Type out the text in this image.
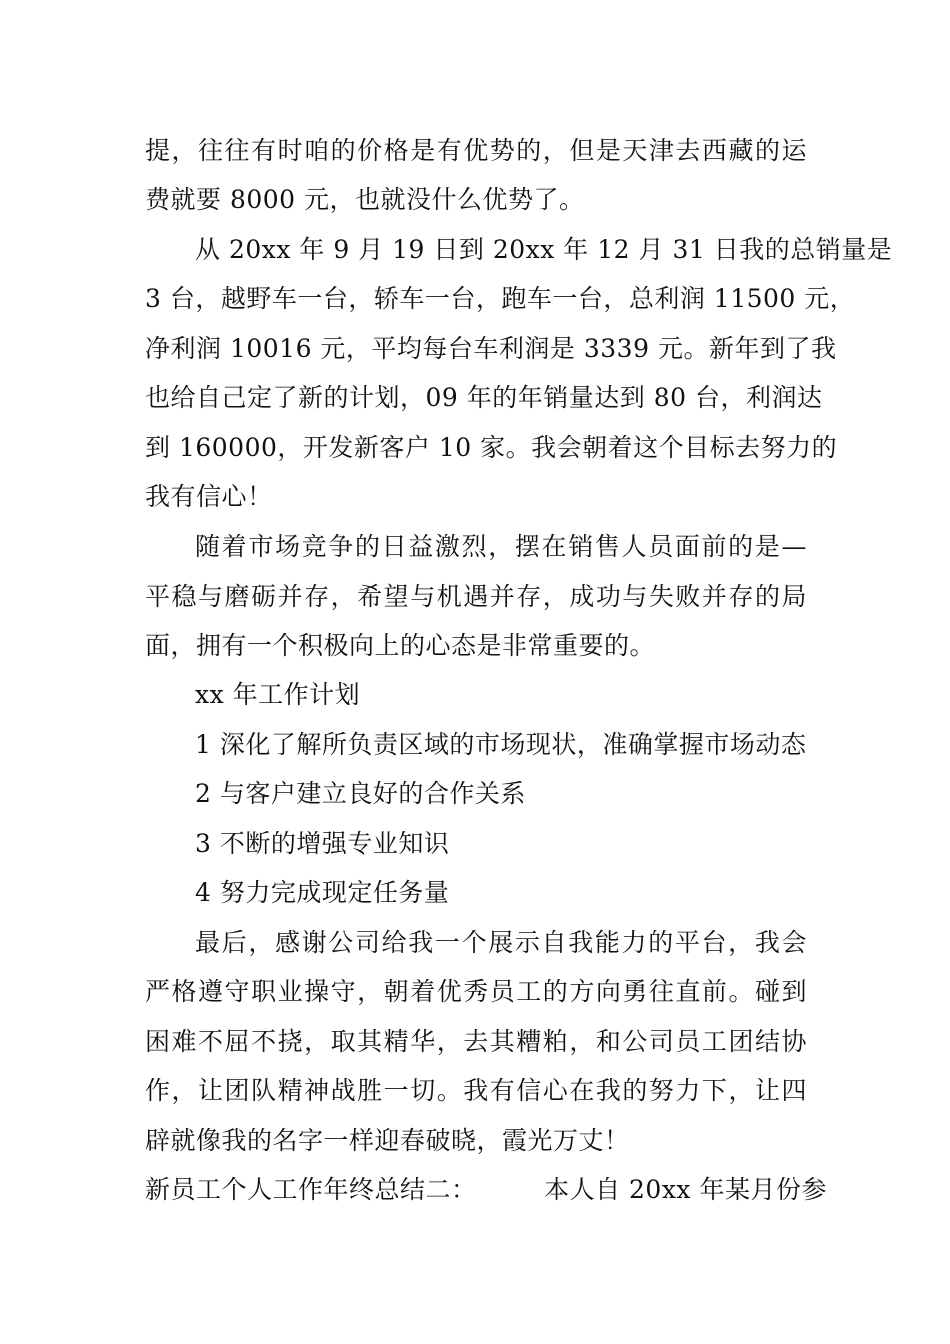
提，往往有时咱的价格是有优势的，但是天津去西藏的运
费就要 8000 元，也就没什么优势了。
从 20xx 年 9 月 19 日到 20xx 年 12 月 31 日我的总销量是
3 台，越野车一台，轿车一台，跑车一台，总利润 11500 元，
净利润 10016 元，平均每台车利润是 3339 元。新年到了我
也给自己定了新的计划，09 年的年销量达到 80 台，利润达
到 160000，开发新客户 10 家。我会朝着这个目标去努力的
我有信心！
随着市场竞争的日益激烈，摆在销售人员面前的是—
平稳与磨砺并存，希望与机遇并存，成功与失败并存的局
面，拥有一个积极向上的心态是非常重要的。
xx 年工作计划
1 深化了解所负责区域的市场现状，准确掌握市场动态
2 与客户建立良好的合作关系
3 不断的增强专业知识
4 努力完成现定任务量
最后，感谢公司给我一个展示自我能力的平台，我会
严格遵守职业操守，朝着优秀员工的方向勇往直前。碰到
困难不屈不挠，取其精华，去其糟粕，和公司员工团结协
作，让团队精神战胜一切。我有信心在我的努力下，让四
辟就像我的名字一样迎春破晓，霞光万丈！
新员工个人工作年终总结二：        本人自 20xx 年某月份参
